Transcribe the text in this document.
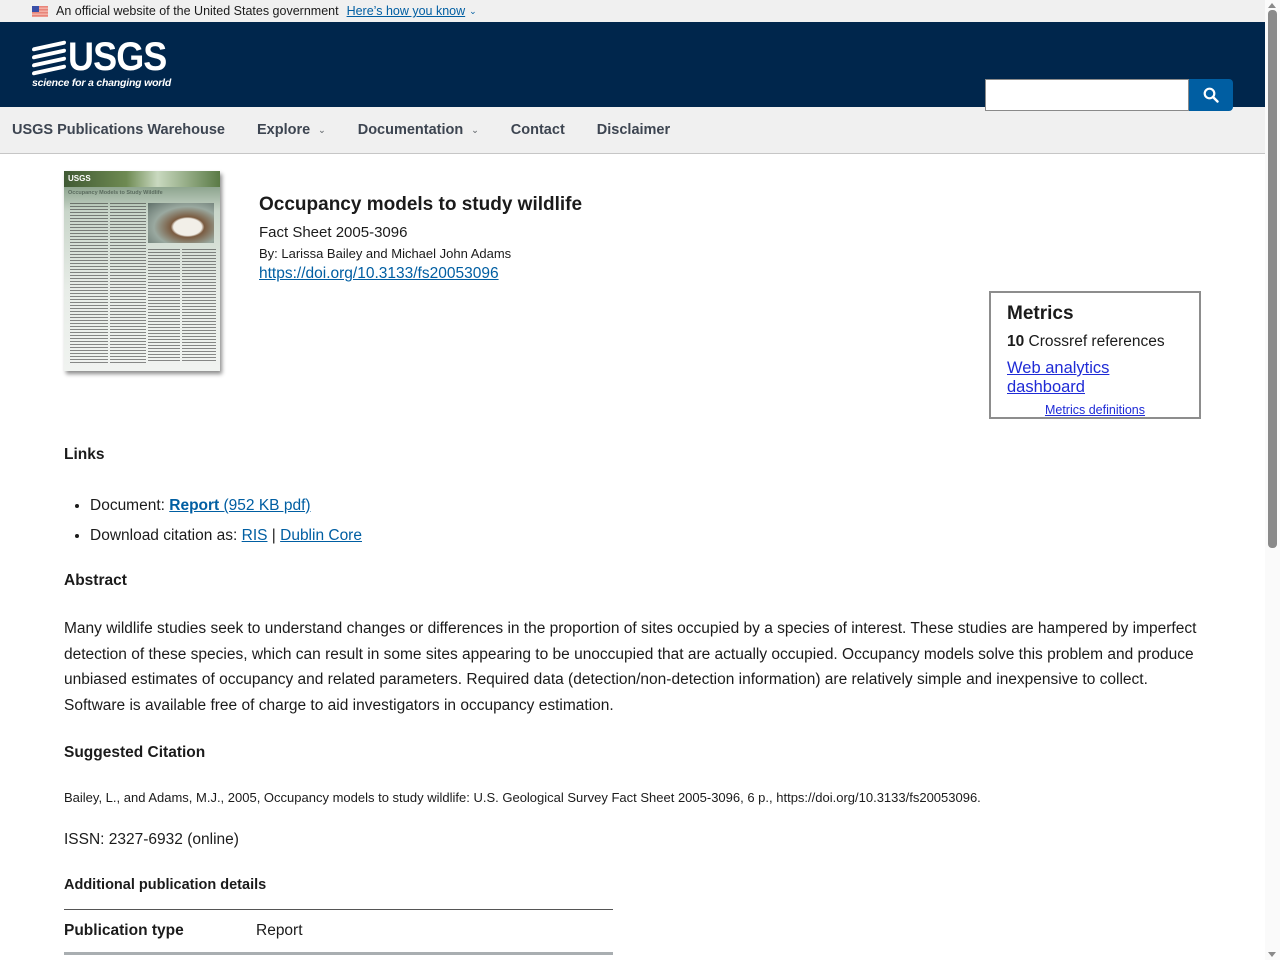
An official website of the United States government Here’s how you know ⌄
USGS
science for a changing world
USGS Publications Warehouse Explore ⌄ Documentation ⌄ Contact Disclaimer
USGS
Occupancy Models to Study Wildlife
Occupancy models to study wildlife
Fact Sheet 2005-3096
By: Larissa Bailey and Michael John Adams
https://doi.org/10.3133/fs20053096
Metrics
10 Crossref references
Web analytics dashboard
Metrics definitions
Links
• Document: Report (952 KB pdf)
• Download citation as: RIS | Dublin Core
Abstract

Many wildlife studies seek to understand changes or differences in the proportion of sites occupied by a species of interest. These studies are hampered by imperfect detection of these species, which can result in some sites appearing to be unoccupied that are actually occupied. Occupancy models solve this problem and produce unbiased estimates of occupancy and related parameters. Required data (detection/non-detection information) are relatively simple and inexpensive to collect. Software is available free of charge to aid investigators in occupancy estimation.

Suggested Citation

Bailey, L., and Adams, M.J., 2005, Occupancy models to study wildlife: U.S. Geological Survey Fact Sheet 2005-3096, 6 p., https://doi.org/10.3133/fs20053096.

ISSN: 2327-6932 (online)

Additional publication details
Publication type	Report
